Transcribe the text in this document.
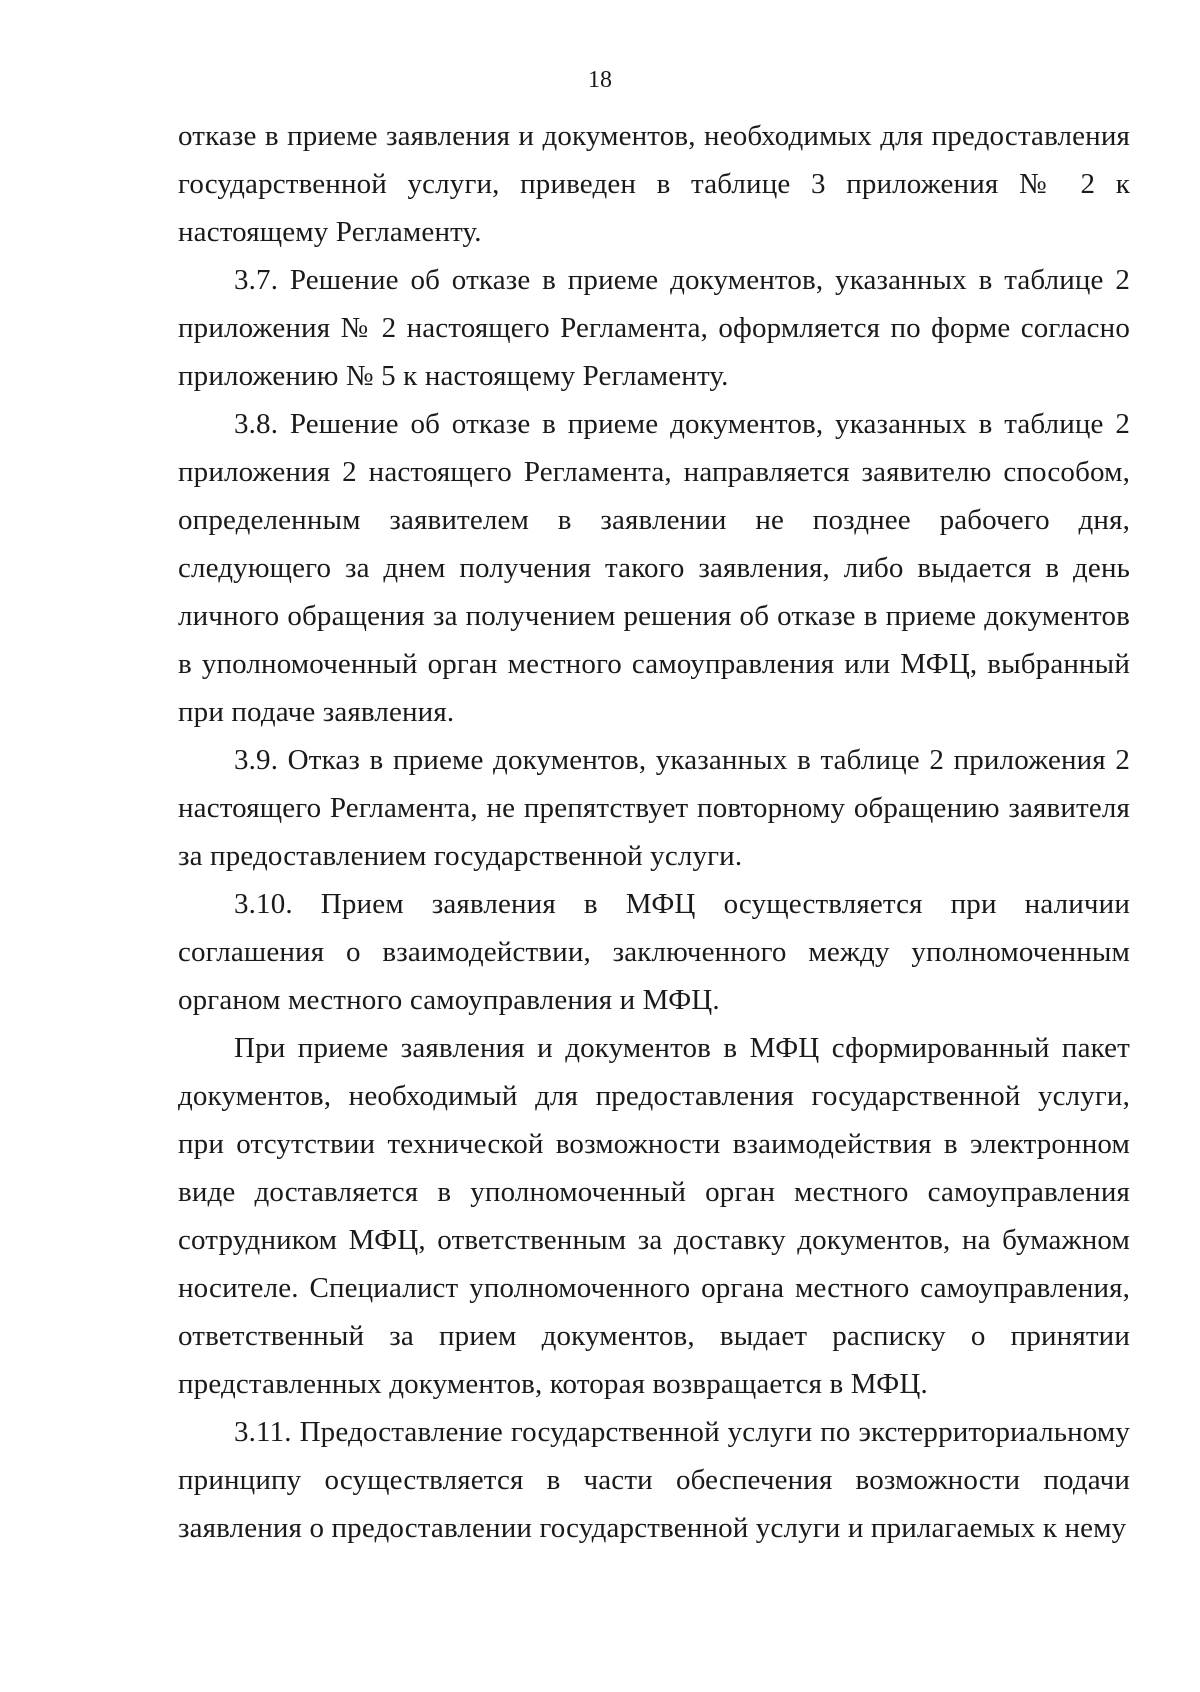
18

отказе в приеме заявления и документов, необходимых для предоставления государственной услуги, приведен в таблице 3 приложения № 2 к настоящему Регламенту.

3.7. Решение об отказе в приеме документов, указанных в таблице 2 приложения № 2 настоящего Регламента, оформляется по форме согласно приложению № 5 к настоящему Регламенту.

3.8. Решение об отказе в приеме документов, указанных в таблице 2 приложения 2 настоящего Регламента, направляется заявителю способом, определенным заявителем в заявлении не позднее рабочего дня, следующего за днем получения такого заявления, либо выдается в день личного обращения за получением решения об отказе в приеме документов в уполномоченный орган местного самоуправления или МФЦ, выбранный при подаче заявления.

3.9. Отказ в приеме документов, указанных в таблице 2 приложения 2 настоящего Регламента, не препятствует повторному обращению заявителя за предоставлением государственной услуги.

3.10. Прием заявления в МФЦ осуществляется при наличии соглашения о взаимодействии, заключенного между уполномоченным органом местного самоуправления и МФЦ.

При приеме заявления и документов в МФЦ сформированный пакет документов, необходимый для предоставления государственной услуги, при отсутствии технической возможности взаимодействия в электронном виде доставляется в уполномоченный орган местного самоуправления сотрудником МФЦ, ответственным за доставку документов, на бумажном носителе. Специалист уполномоченного органа местного самоуправления, ответственный за прием документов, выдает расписку о принятии представленных документов, которая возвращается в МФЦ.

3.11. Предоставление государственной услуги по экстерриториальному принципу осуществляется в части обеспечения возможности подачи заявления о предоставлении государственной услуги и прилагаемых к нему
